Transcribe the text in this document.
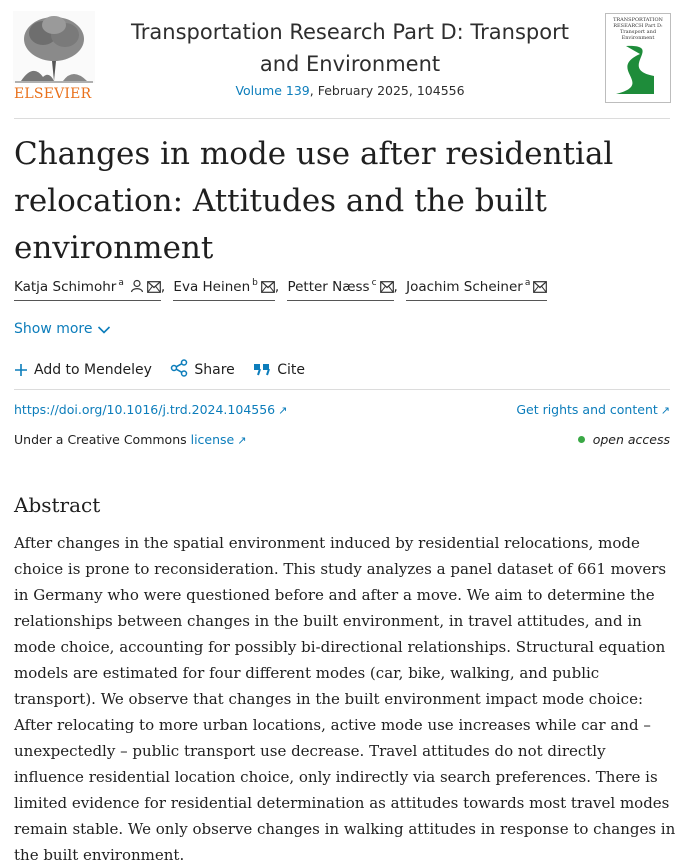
ELSEVIER
Transportation Research Part D: Transport and Environment
Volume 139, February 2025, 104556
TRANSPORTATION RESEARCH Part D: Transport and Environment
Changes in mode use after residential relocation: Attitudes and the built environment
Katja Schimohr $^a$	, Eva Heinen $^b$ , Petter Næss $^c$ , Joachim Scheiner $^a$
Show more
Add to Mendeley	Share	Cite
https://doi.org/10.1016/j.trd.2024.104556 ↗	Get rights and content ↗
Under a Creative Commons license ↗	open access
Abstract

After changes in the spatial environment induced by residential relocations, mode choice is prone to reconsideration. This study analyzes a panel dataset of 661 movers in Germany who were questioned before and after a move. We aim to determine the relationships between changes in the built environment, in travel attitudes, and in mode choice, accounting for possibly bi-directional relationships. Structural equation models are estimated for four different modes (car, bike, walking, and public transport). We observe that changes in the built environment impact mode choice: After relocating to more urban locations, active mode use increases while car and – unexpectedly – public transport use decrease. Travel attitudes do not directly influence residential location choice, only indirectly via search preferences. There is limited evidence for residential determination as attitudes towards most travel modes remain stable. We only observe changes in walking attitudes in response to changes in the built environment.
